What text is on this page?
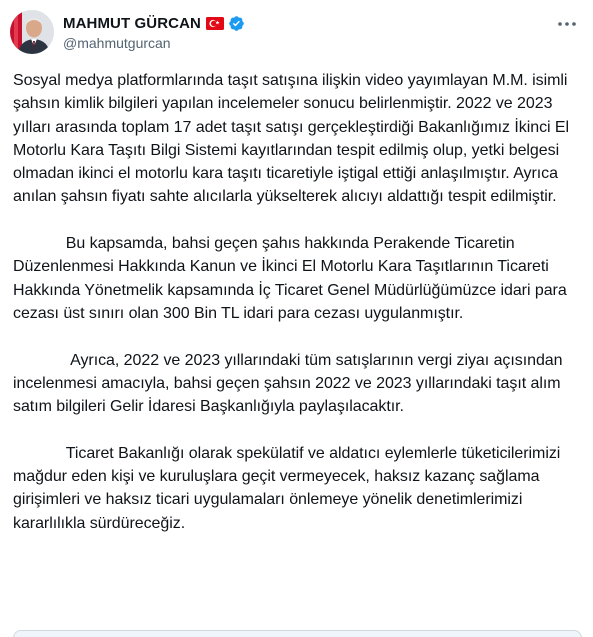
MAHMUT GÜRCAN
@mahmutgurcan

Sosyal medya platformlarında taşıt satışına ilişkin video yayımlayan M.M. isimli şahsın kimlik bilgileri yapılan incelemeler sonucu belirlenmiştir. 2022 ve 2023 yılları arasında toplam 17 adet taşıt satışı gerçekleştirdiği Bakanlığımız İkinci El Motorlu Kara Taşıtı Bilgi Sistemi kayıtlarından tespit edilmiş olup, yetki belgesi olmadan ikinci el motorlu kara taşıtı ticaretiyle iştigal ettiği anlaşılmıştır. Ayrıca anılan şahsın fiyatı sahte alıcılarla yükselterek alıcıyı aldattığı tespit edilmiştir.

Bu kapsamda, bahsi geçen şahıs hakkında Perakende Ticaretin Düzenlenmesi Hakkında Kanun ve İkinci El Motorlu Kara Taşıtlarının Ticareti Hakkında Yönetmelik kapsamında İç Ticaret Genel Müdürlüğümüzce idari para cezası üst sınırı olan 300 Bin TL idari para cezası uygulanmıştır.

Ayrıca, 2022 ve 2023 yıllarındaki tüm satışlarının vergi ziyaı açısından incelenmesi amacıyla, bahsi geçen şahsın 2022 ve 2023 yıllarındaki taşıt alım satım bilgileri Gelir İdaresi Başkanlığıyla paylaşılacaktır.

Ticaret Bakanlığı olarak spekülatif ve aldatıcı eylemlerle tüketicilerimizi mağdur eden kişi ve kuruluşlara geçit vermeyecek, haksız kazanç sağlama girişimleri ve haksız ticari uygulamaları önlemeye yönelik denetimlerimizi kararlılıkla sürdüreceğiz.
